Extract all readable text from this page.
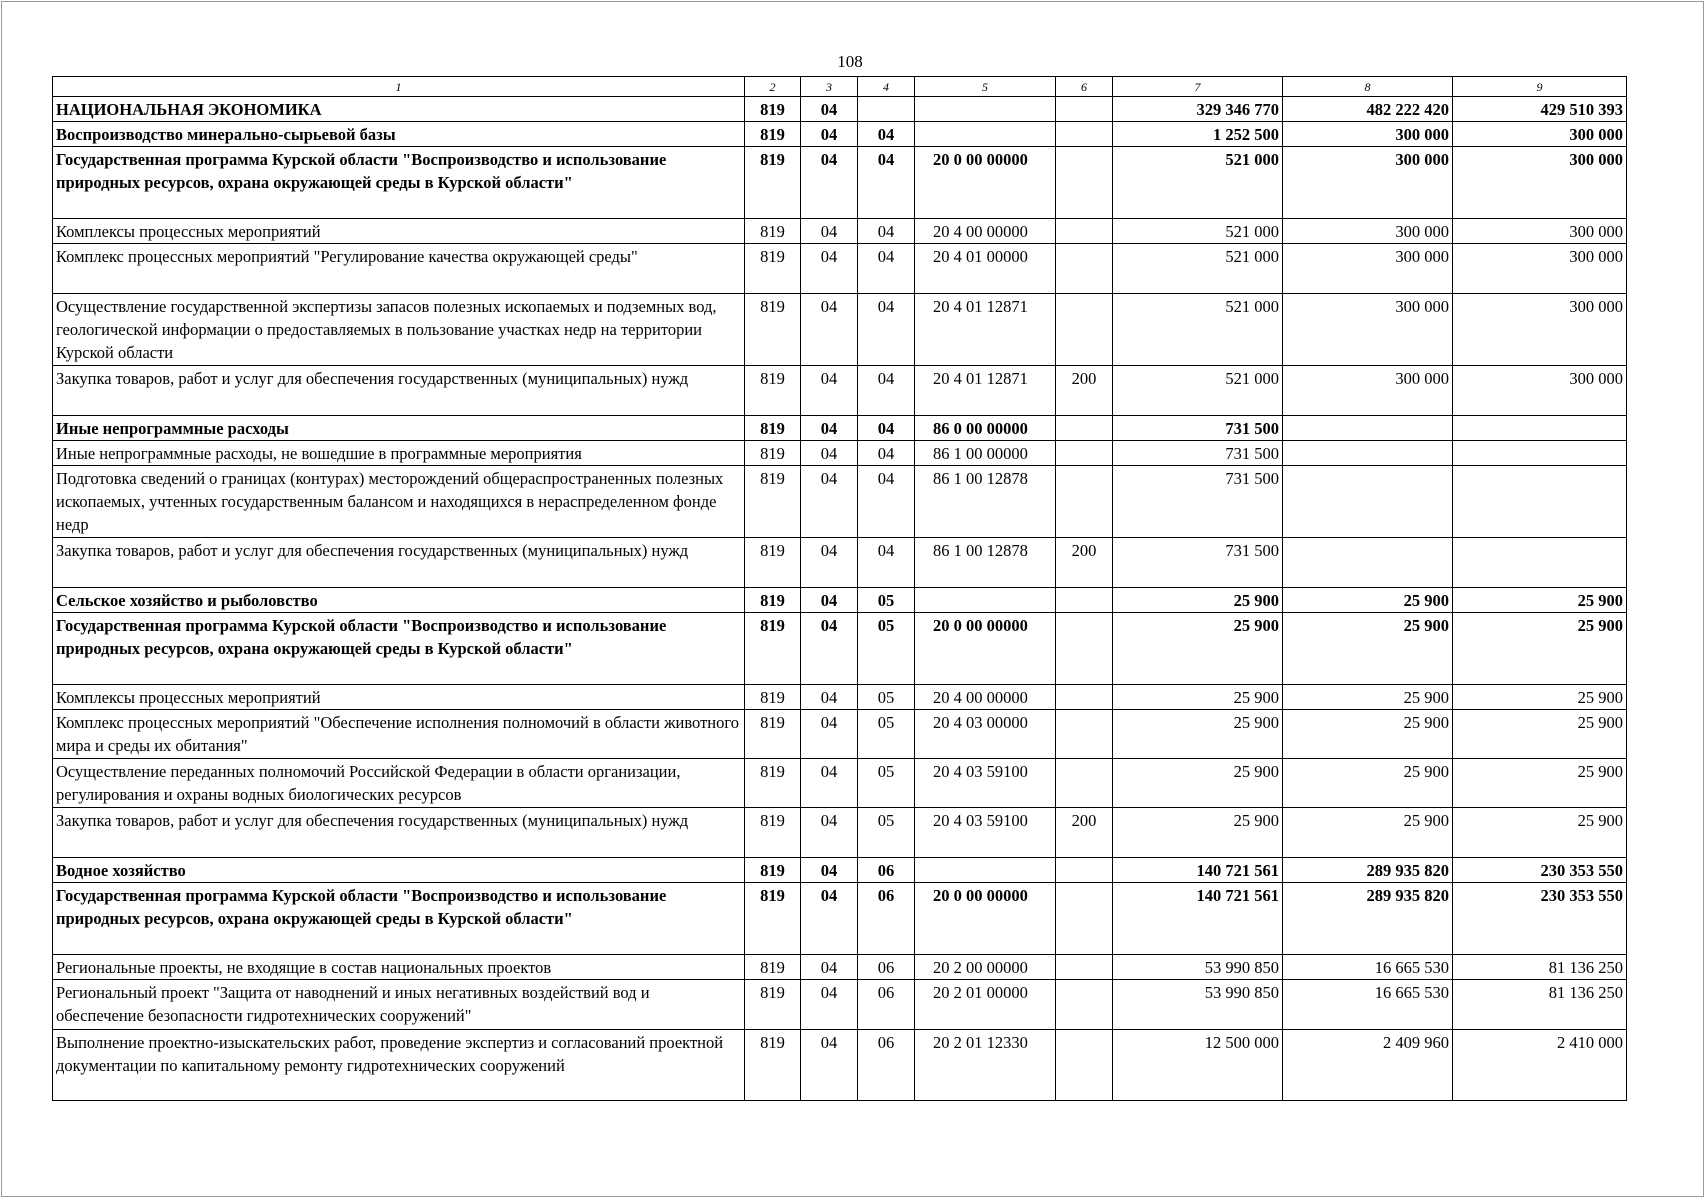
108
1	2	3	4	5	6	7	8	9
НАЦИОНАЛЬНАЯ ЭКОНОМИКА	819	04				329 346 770	482 222 420	429 510 393
Воспроизводство минерально-сырьевой базы	819	04	04			1 252 500	300 000	300 000
Государственная программа Курской области "Воспроизводство и использование природных ресурсов, охрана окружающей среды в Курской области"	819	04	04	20 0 00 00000		521 000	300 000	300 000
Комплексы процессных мероприятий	819	04	04	20 4 00 00000		521 000	300 000	300 000
Комплекс процессных мероприятий "Регулирование качества окружающей среды"	819	04	04	20 4 01 00000		521 000	300 000	300 000
Осуществление государственной экспертизы запасов полезных ископаемых и подземных вод, геологической информации о предоставляемых в пользование участках недр на территории Курской области	819	04	04	20 4 01 12871		521 000	300 000	300 000
Закупка товаров, работ и услуг для обеспечения государственных (муниципальных) нужд	819	04	04	20 4 01 12871	200	521 000	300 000	300 000
Иные непрограммные расходы	819	04	04	86 0 00 00000		731 500		
Иные непрограммные расходы, не вошедшие в программные мероприятия	819	04	04	86 1 00 00000		731 500		
Подготовка сведений о границах (контурах) месторождений общераспространенных полезных ископаемых, учтенных государственным балансом и находящихся в нераспределенном фонде недр	819	04	04	86 1 00 12878		731 500		
Закупка товаров, работ и услуг для обеспечения государственных (муниципальных) нужд	819	04	04	86 1 00 12878	200	731 500		
Сельское хозяйство и рыболовство	819	04	05			25 900	25 900	25 900
Государственная программа Курской области "Воспроизводство и использование природных ресурсов, охрана окружающей среды в Курской области"	819	04	05	20 0 00 00000		25 900	25 900	25 900
Комплексы процессных мероприятий	819	04	05	20 4 00 00000		25 900	25 900	25 900
Комплекс процессных мероприятий "Обеспечение исполнения полномочий в области животного мира и среды их обитания"	819	04	05	20 4 03 00000		25 900	25 900	25 900
Осуществление переданных полномочий Российской Федерации в области организации, регулирования и охраны водных биологических ресурсов	819	04	05	20 4 03 59100		25 900	25 900	25 900
Закупка товаров, работ и услуг для обеспечения государственных (муниципальных) нужд	819	04	05	20 4 03 59100	200	25 900	25 900	25 900
Водное хозяйство	819	04	06			140 721 561	289 935 820	230 353 550
Государственная программа Курской области "Воспроизводство и использование природных ресурсов, охрана окружающей среды в Курской области"	819	04	06	20 0 00 00000		140 721 561	289 935 820	230 353 550
Региональные проекты, не входящие в состав национальных проектов	819	04	06	20 2 00 00000		53 990 850	16 665 530	81 136 250
Региональный проект "Защита от наводнений и иных негативных воздействий вод и обеспечение безопасности гидротехнических сооружений"	819	04	06	20 2 01 00000		53 990 850	16 665 530	81 136 250
Выполнение проектно-изыскательских работ, проведение экспертиз и согласований проектной документации по капитальному ремонту гидротехнических сооружений	819	04	06	20 2 01 12330		12 500 000	2 409 960	2 410 000
